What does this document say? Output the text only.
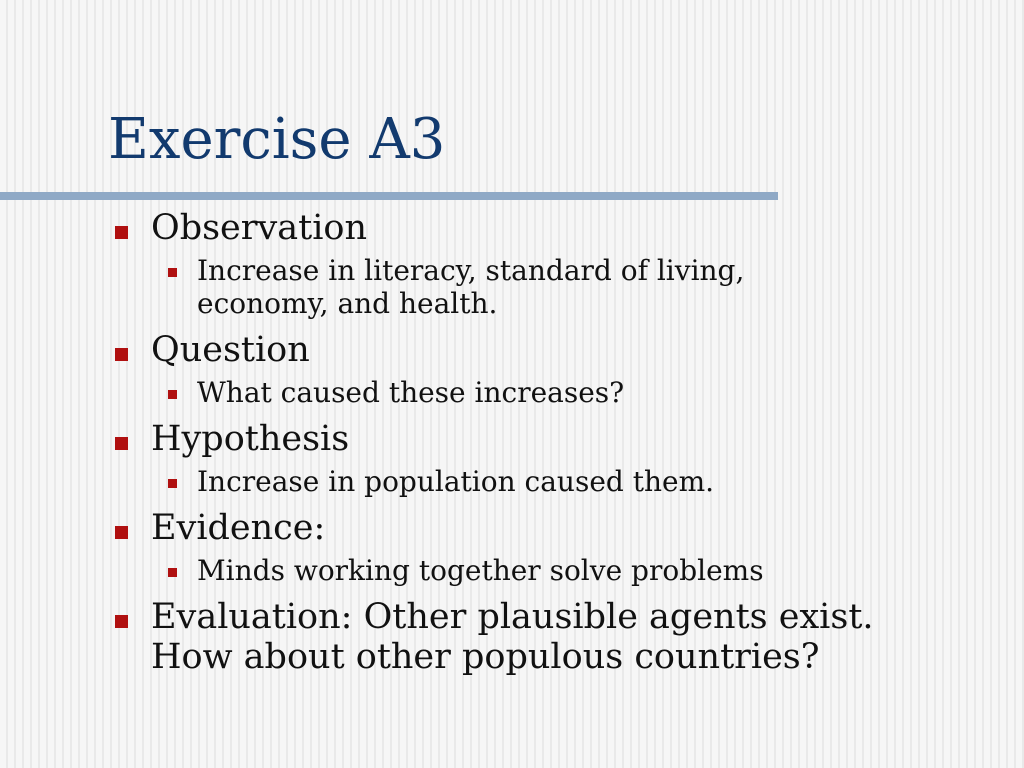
Exercise A3
Observation
Increase in literacy, standard of living, economy, and health.
Question
What caused these increases?
Hypothesis
Increase in population caused them.
Evidence:
Minds working together solve problems
Evaluation: Other plausible agents exist. How about other populous countries?
